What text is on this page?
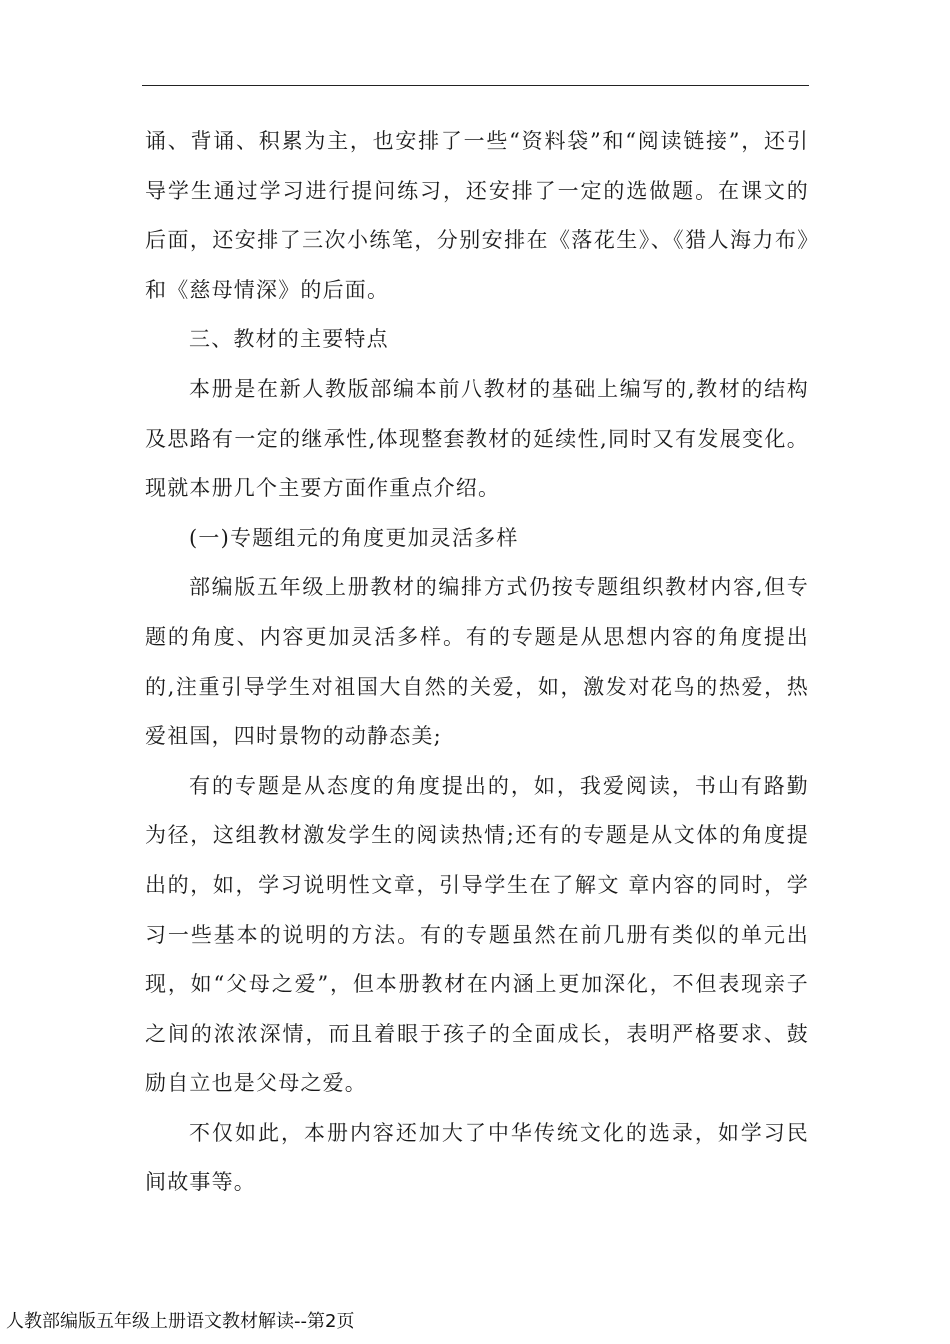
诵、背诵、积累为主，也安排了一些“资料袋”和“阅读链接”，还引导学生通过学习进行提问练习，还安排了一定的选做题。在课文的后面，还安排了三次小练笔，分别安排在《落花生》、《猎人海力布》和《慈母情深》的后面。

三、教材的主要特点

本册是在新人教版部编本前八教材的基础上编写的,教材的结构及思路有一定的继承性,体现整套教材的延续性,同时又有发展变化。现就本册几个主要方面作重点介绍。

(一)专题组元的角度更加灵活多样

部编版五年级上册教材的编排方式仍按专题组织教材内容,但专题的角度、内容更加灵活多样。有的专题是从思想内容的角度提出的,注重引导学生对祖国大自然的关爱，如，激发对花鸟的热爱，热爱祖国，四时景物的动静态美;

有的专题是从态度的角度提出的，如，我爱阅读，书山有路勤为径，这组教材激发学生的阅读热情;还有的专题是从文体的角度提出的，如，学习说明性文章，引导学生在了解文 章内容的同时，学习一些基本的说明的方法。有的专题虽然在前几册有类似的单元出现，如“父母之爱”，但本册教材在内涵上更加深化，不但表现亲子之间的浓浓深情，而且着眼于孩子的全面成长，表明严格要求、鼓励自立也是父母之爱。

不仅如此，本册内容还加大了中华传统文化的选录，如学习民间故事等。

人教部编版五年级上册语文教材解读--第2页
